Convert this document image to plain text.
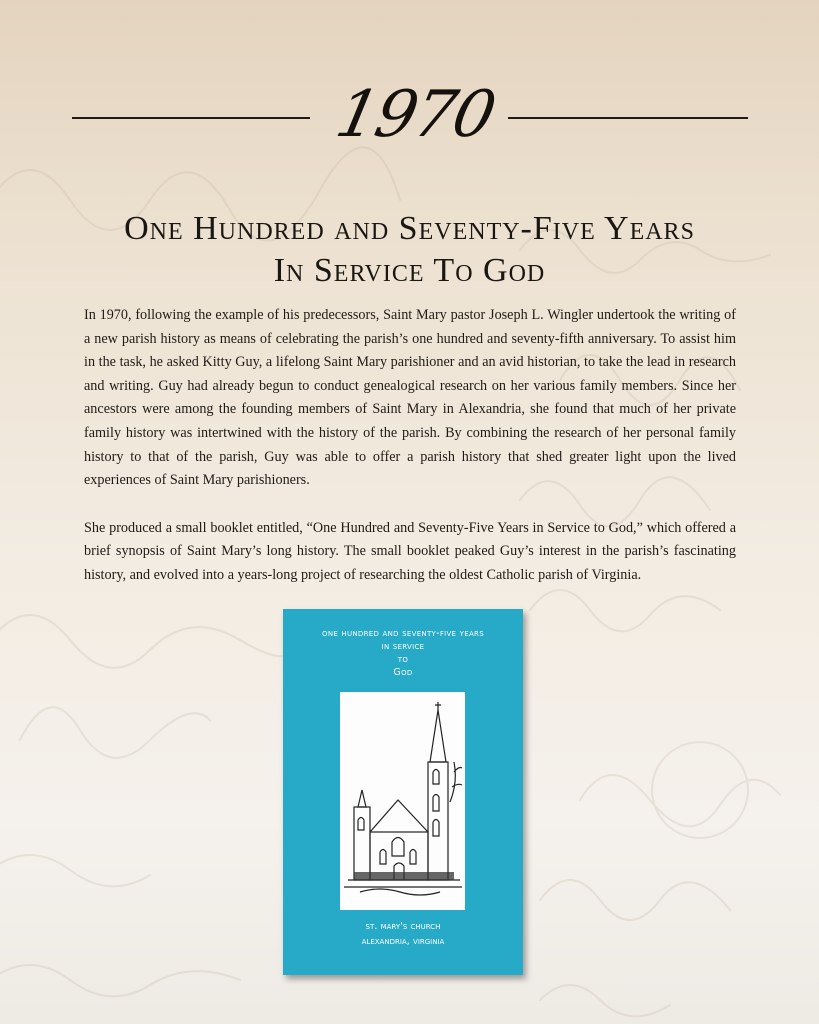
1970
One Hundred and Seventy-Five Years
In Service To God

In 1970, following the example of his predecessors, Saint Mary pastor Joseph L. Wingler undertook the writing of a new parish history as means of celebrating the parish’s one hundred and seventy-fifth anniversary. To assist him in the task, he asked Kitty Guy, a lifelong Saint Mary parishioner and an avid historian, to take the lead in research and writing. Guy had already begun to conduct genealogical research on her various family members. Since her ancestors were among the founding members of Saint Mary in Alexandria, she found that much of her private family history was intertwined with the history of the parish. By combining the research of her personal family history to that of the parish, Guy was able to offer a parish history that shed greater light upon the lived experiences of Saint Mary parishioners.

She produced a small booklet entitled, “One Hundred and Seventy-Five Years in Service to God,” which offered a brief synopsis of Saint Mary’s long history. The small booklet peaked Guy’s interest in the parish’s fascinating history, and evolved into a years-long project of researching the oldest Catholic parish of Virginia.

one hundred and seventy-five years
in service
to
God
st. mary's church
alexandria, virginia
